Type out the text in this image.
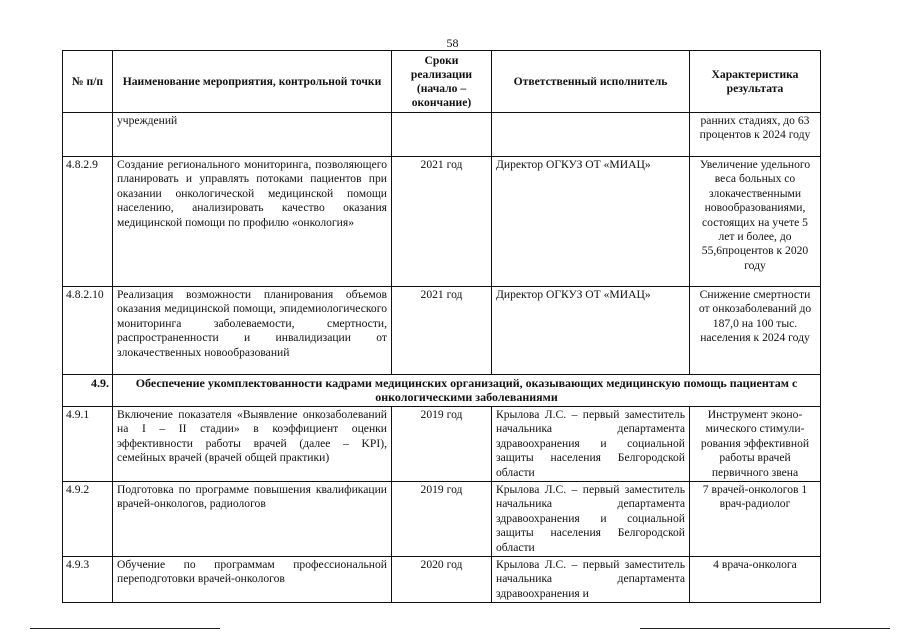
58
№ п/п	Наименование мероприятия, контрольной точки	Сроки реализации (начало – окончание)	Ответственный исполнитель	Характеристика результата
	учреждений			ранних стадиях, до 63 процентов к 2024 году
4.8.2.9	Создание регионального мониторинга, позволяющего планировать и управлять потоками пациентов при оказании онкологической медицинской помощи населению, анализировать качество оказания медицинской помощи по профилю «онкология»	2021 год	Директор ОГКУЗ ОТ «МИАЦ»	Увеличение удельного веса больных со злокачественными новообразованиями, состоящих на учете 5 лет и более, до 55,6процентов к 2020 году
4.8.2.10	Реализация возможности планирования объемов оказания медицинской помощи, эпидемиологического мониторинга заболеваемости, смертности, распространенности и инвалидизации от злокачественных новообразований	2021 год	Директор ОГКУЗ ОТ «МИАЦ»	Снижение смертности от онкозаболеваний до 187,0 на 100 тыс. населения к 2024 году
4.9.	Обеспечение укомплектованности кадрами медицинских организаций, оказывающих медицинскую помощь пациентам с онкологическими заболеваниями			
4.9.1	Включение показателя «Выявление онкозаболеваний на I – II стадии» в коэффициент оценки эффективности работы врачей (далее – KPI), семейных врачей (врачей общей практики)	2019 год	Крылова Л.С. – первый заместитель начальника департамента здравоохранения и социальной защиты населения Белгородской области	Инструмент эконо-мического стимули-рования эффективной работы врачей первичного звена
4.9.2	Подготовка по программе повышения квалификации врачей-онкологов, радиологов	2019 год	Крылова Л.С. – первый заместитель начальника департамента здравоохранения и социальной защиты населения Белгородской области	7 врачей-онкологов 1 врач-радиолог
4.9.3	Обучение по программам профессиональной переподготовки врачей-онкологов	2020 год	Крылова Л.С. – первый заместитель начальника департамента здравоохранения и	4 врача-онколога
